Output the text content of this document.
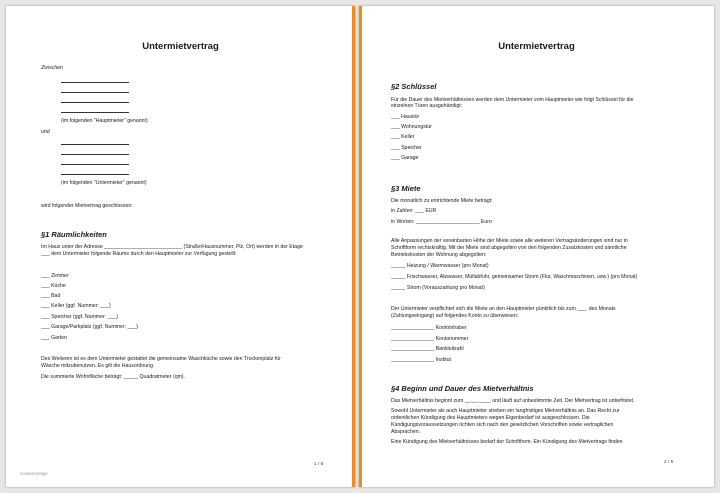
Untermietvertrag
Zwischen
(im folgenden "Hauptmieter" genannt)
und
(im folgenden "Untermieter" genannt)
wird folgender Mietvertrag geschlossen:
§1 Räumlichkeiten
Im Haus unter der Adresse ___________________________ (Straße/Hausnummer, Plz, Ort) werden in der Etage
___ dem Untermieter folgende Räume durch den Hauptmieter zur Verfügung gestellt:
___ Zimmer
___ Küche
___ Bad
___ Keller (ggf. Nummer: ___)
___ Speicher (ggf. Nummer: ___)
___ Garage/Parkplatz (ggf. Nummer: ___)
___ Garten
Des Weiteren ist es dem Untermieter gestattet die gemeinsame Waschküche sowie den Trockenplatz für
Wäsche mitzubenutzen. Es gilt die Hausordnung.
Die summierte Wohnfläche beträgt: _____ Quadratmeter (qm).
1 / 5
mustervorlage
Untermietvertrag
§2 Schlüssel
Für die Dauer des Mietverhältnisses werden dem Untermieter vom Hauptmieter wie folgt Schlüssel für die
einzelnen Türen ausgehändigt:
___ Haustür
___ Wohnungstür
___ Keller
___ Speicher
___ Garage
§3 Miete
Die monatlich zu entrichtende Miete beträgt:
in Zahlen: ___ EUR
in Worten: ______________________ Euro
Alle Anpassungen der vereinbarten Höhe der Miete sowie alle weiteren Vertragsänderungen sind nur in
Schriftform rechtskräftig. Mit der Miete sind abgegolten von den folgenden Zusatzkosten und sämtliche
Betriebskosten der Wohnung abgegolten:
_____ Heizung / Warmwasser (pro Monat)
_____ Frischwasser, Abwasser, Müllabfuhr, gemeinsamer Strom (Flur, Waschmaschinen, usw.) (pro Monat)
_____ Strom (Vorauszahlung pro Monat)
Der Untermieter verpflichtet sich die Miete an den Hauptmieter pünktlich bis zum ___. des Monats
(Zahlungseingang) auf folgendes Konto zu überweisen:
_______________ Kontoinhaber
_______________ Kontonummer
_______________ Bankleitzahl
_______________ Institut
§4 Beginn und Dauer des Mietverhältnis
Das Mietverhältnis beginnt zum __.__.____ und läuft auf unbestimmte Zeit. Der Mietvertrag ist unbefristet.
Sowohl Untermieter als auch Hauptmieter streben ein langfristiges Mietverhältnis an. Das Recht zur
ordentlichen Kündigung des Hauptmieters wegen Eigenbedarf ist ausgeschlossen. Die
Kündigungsvoraussetzungen richten sich nach den gesetzlichen Vorschriften sowie vertraglichen
Absprachen.
Eine Kündigung des Mietverhältnisses bedarf der Schriftform. Ein Kündigung des Mietvertrags finden
2 / 5
